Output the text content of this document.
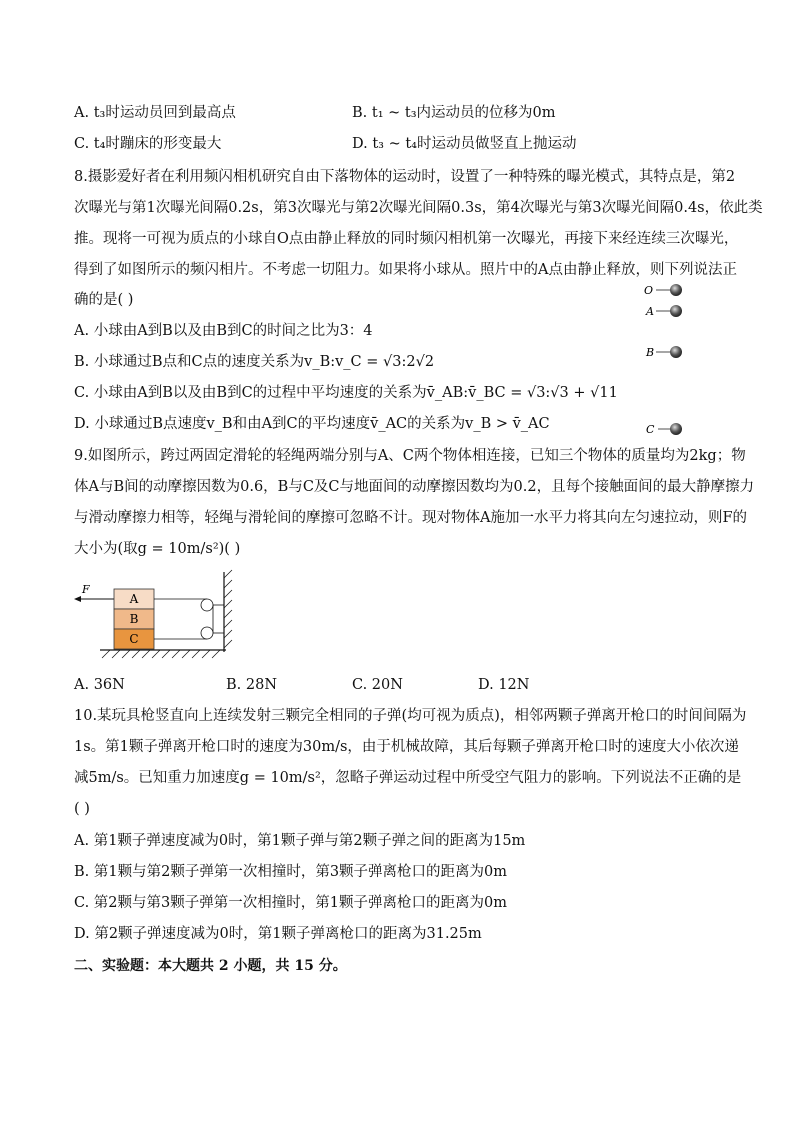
A. t₃时运动员回到最高点	B. t₁ ~ t₃内运动员的位移为0m
C. t₄时蹦床的形变最大	D. t₃ ~ t₄时运动员做竖直上抛运动
8.摄影爱好者在利用频闪相机研究自由下落物体的运动时，设置了一种特殊的曝光模式，其特点是，第2
次曝光与第1次曝光间隔0.2s，第3次曝光与第2次曝光间隔0.3s，第4次曝光与第3次曝光间隔0.4s，依此类
推。现将一可视为质点的小球自O点由静止释放的同时频闪相机第一次曝光，再接下来经连续三次曝光，
得到了如图所示的频闪相片。不考虑一切阻力。如果将小球从。照片中的A点由静止释放，则下列说法正
确的是( )
A. 小球由A到B以及由B到C的时间之比为3：4
B. 小球通过B点和C点的速度关系为v_B:v_C = √3:2√2
C. 小球由A到B以及由B到C的过程中平均速度的关系为v̄_AB:v̄_BC = √3:√3 + √11
D. 小球通过B点速度v_B和由A到C的平均速度v̄_AC的关系为v_B > v̄_AC
O
A
B
C
9.如图所示，跨过两固定滑轮的轻绳两端分别与A、C两个物体相连接，已知三个物体的质量均为2kg；物
体A与B间的动摩擦因数为0.6，B与C及C与地面间的动摩擦因数均为0.2，且每个接触面间的最大静摩擦力
与滑动摩擦力相等，轻绳与滑轮间的摩擦可忽略不计。现对物体A施加一水平力将其向左匀速拉动，则F的
大小为(取g = 10m/s²)( )
F
A
B
C
A. 36N	B. 28N	C. 20N	D. 12N
10.某玩具枪竖直向上连续发射三颗完全相同的子弹(均可视为质点)，相邻两颗子弹离开枪口的时间间隔为
1s。第1颗子弹离开枪口时的速度为30m/s，由于机械故障，其后每颗子弹离开枪口时的速度大小依次递
减5m/s。已知重力加速度g = 10m/s²，忽略子弹运动过程中所受空气阻力的影响。下列说法不正确的是
( )
A. 第1颗子弹速度减为0时，第1颗子弹与第2颗子弹之间的距离为15m
B. 第1颗与第2颗子弹第一次相撞时，第3颗子弹离枪口的距离为0m
C. 第2颗与第3颗子弹第一次相撞时，第1颗子弹离枪口的距离为0m
D. 第2颗子弹速度减为0时，第1颗子弹离枪口的距离为31.25m
二、实验题：本大题共 2 小题，共 15 分。
